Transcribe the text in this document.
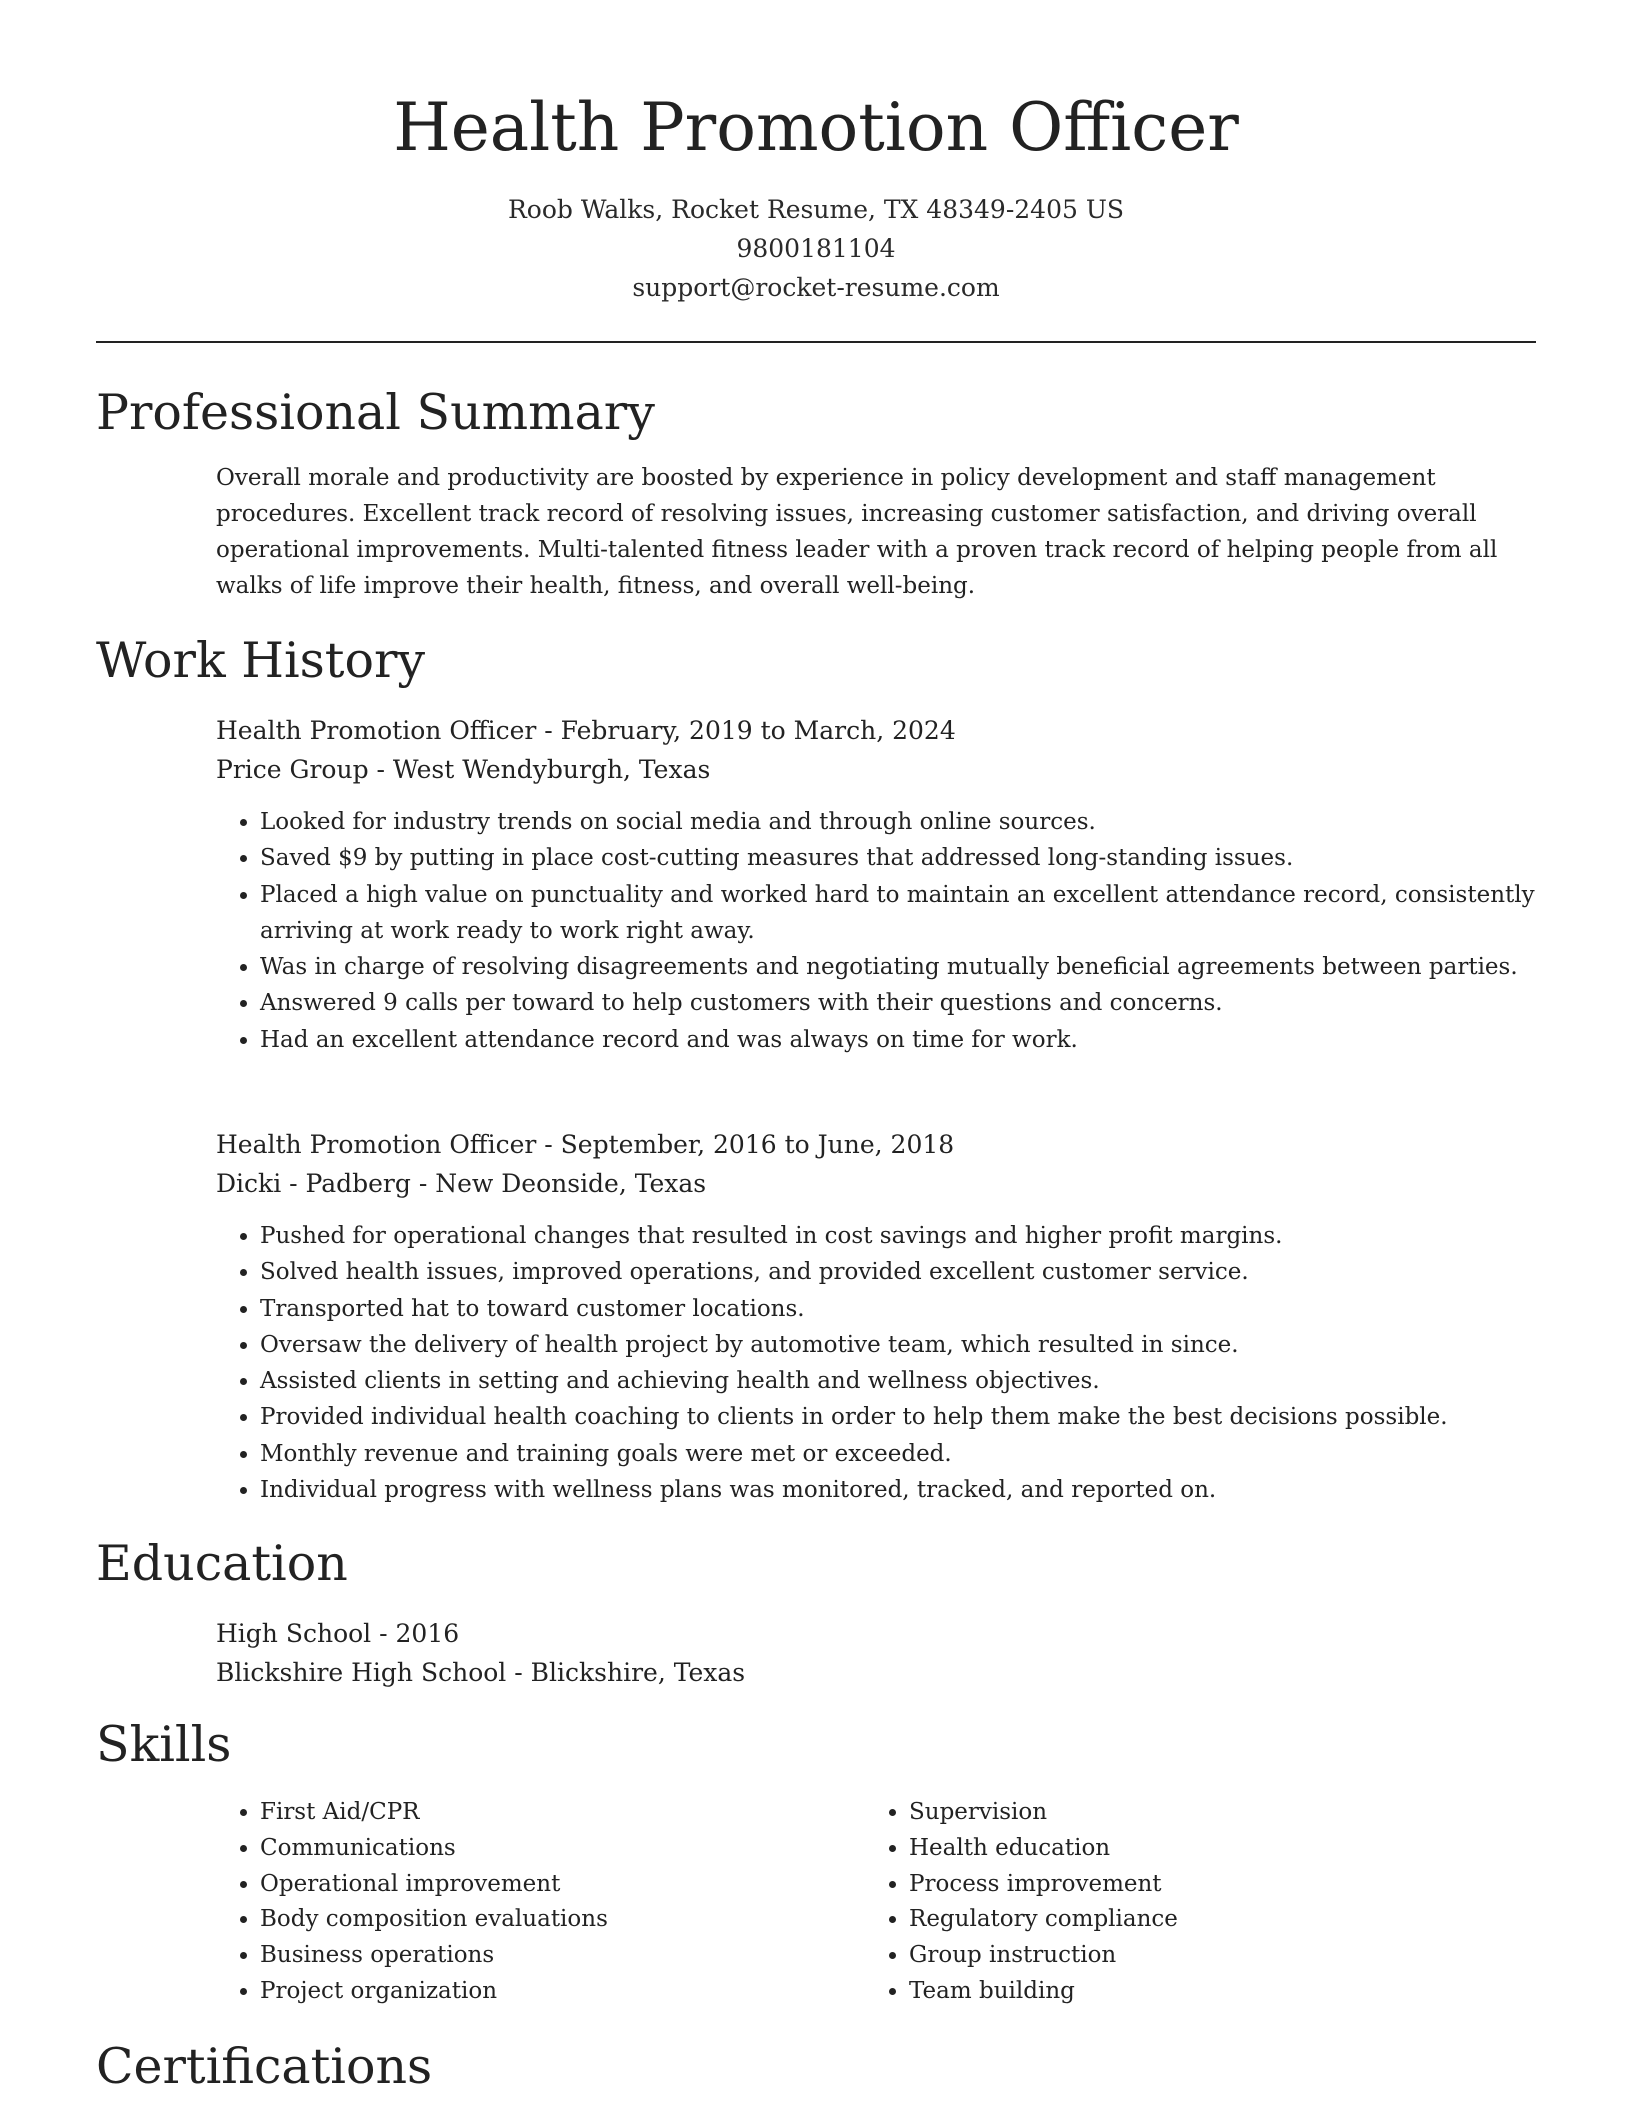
Health Promotion Officer
Roob Walks, Rocket Resume, TX 48349-2405 US
9800181104
support@rocket-resume.com
Professional Summary
Overall morale and productivity are boosted by experience in policy development and staff management
procedures. Excellent track record of resolving issues, increasing customer satisfaction, and driving overall
operational improvements. Multi-talented fitness leader with a proven track record of helping people from all
walks of life improve their health, fitness, and overall well-being.
Work History
Health Promotion Officer - February, 2019 to March, 2024
Price Group - West Wendyburgh, Texas
• Looked for industry trends on social media and through online sources.
• Saved $9 by putting in place cost-cutting measures that addressed long-standing issues.
• Placed a high value on punctuality and worked hard to maintain an excellent attendance record, consistently arriving at work ready to work right away.
• Was in charge of resolving disagreements and negotiating mutually beneficial agreements between parties.
• Answered 9 calls per toward to help customers with their questions and concerns.
• Had an excellent attendance record and was always on time for work.
Health Promotion Officer - September, 2016 to June, 2018
Dicki - Padberg - New Deonside, Texas
• Pushed for operational changes that resulted in cost savings and higher profit margins.
• Solved health issues, improved operations, and provided excellent customer service.
• Transported hat to toward customer locations.
• Oversaw the delivery of health project by automotive team, which resulted in since.
• Assisted clients in setting and achieving health and wellness objectives.
• Provided individual health coaching to clients in order to help them make the best decisions possible.
• Monthly revenue and training goals were met or exceeded.
• Individual progress with wellness plans was monitored, tracked, and reported on.
Education
High School - 2016
Blickshire High School - Blickshire, Texas
Skills
• First Aid/CPR
• Communications
• Operational improvement
• Body composition evaluations
• Business operations
• Project organization
• Supervision
• Health education
• Process improvement
• Regulatory compliance
• Group instruction
• Team building
Certifications
